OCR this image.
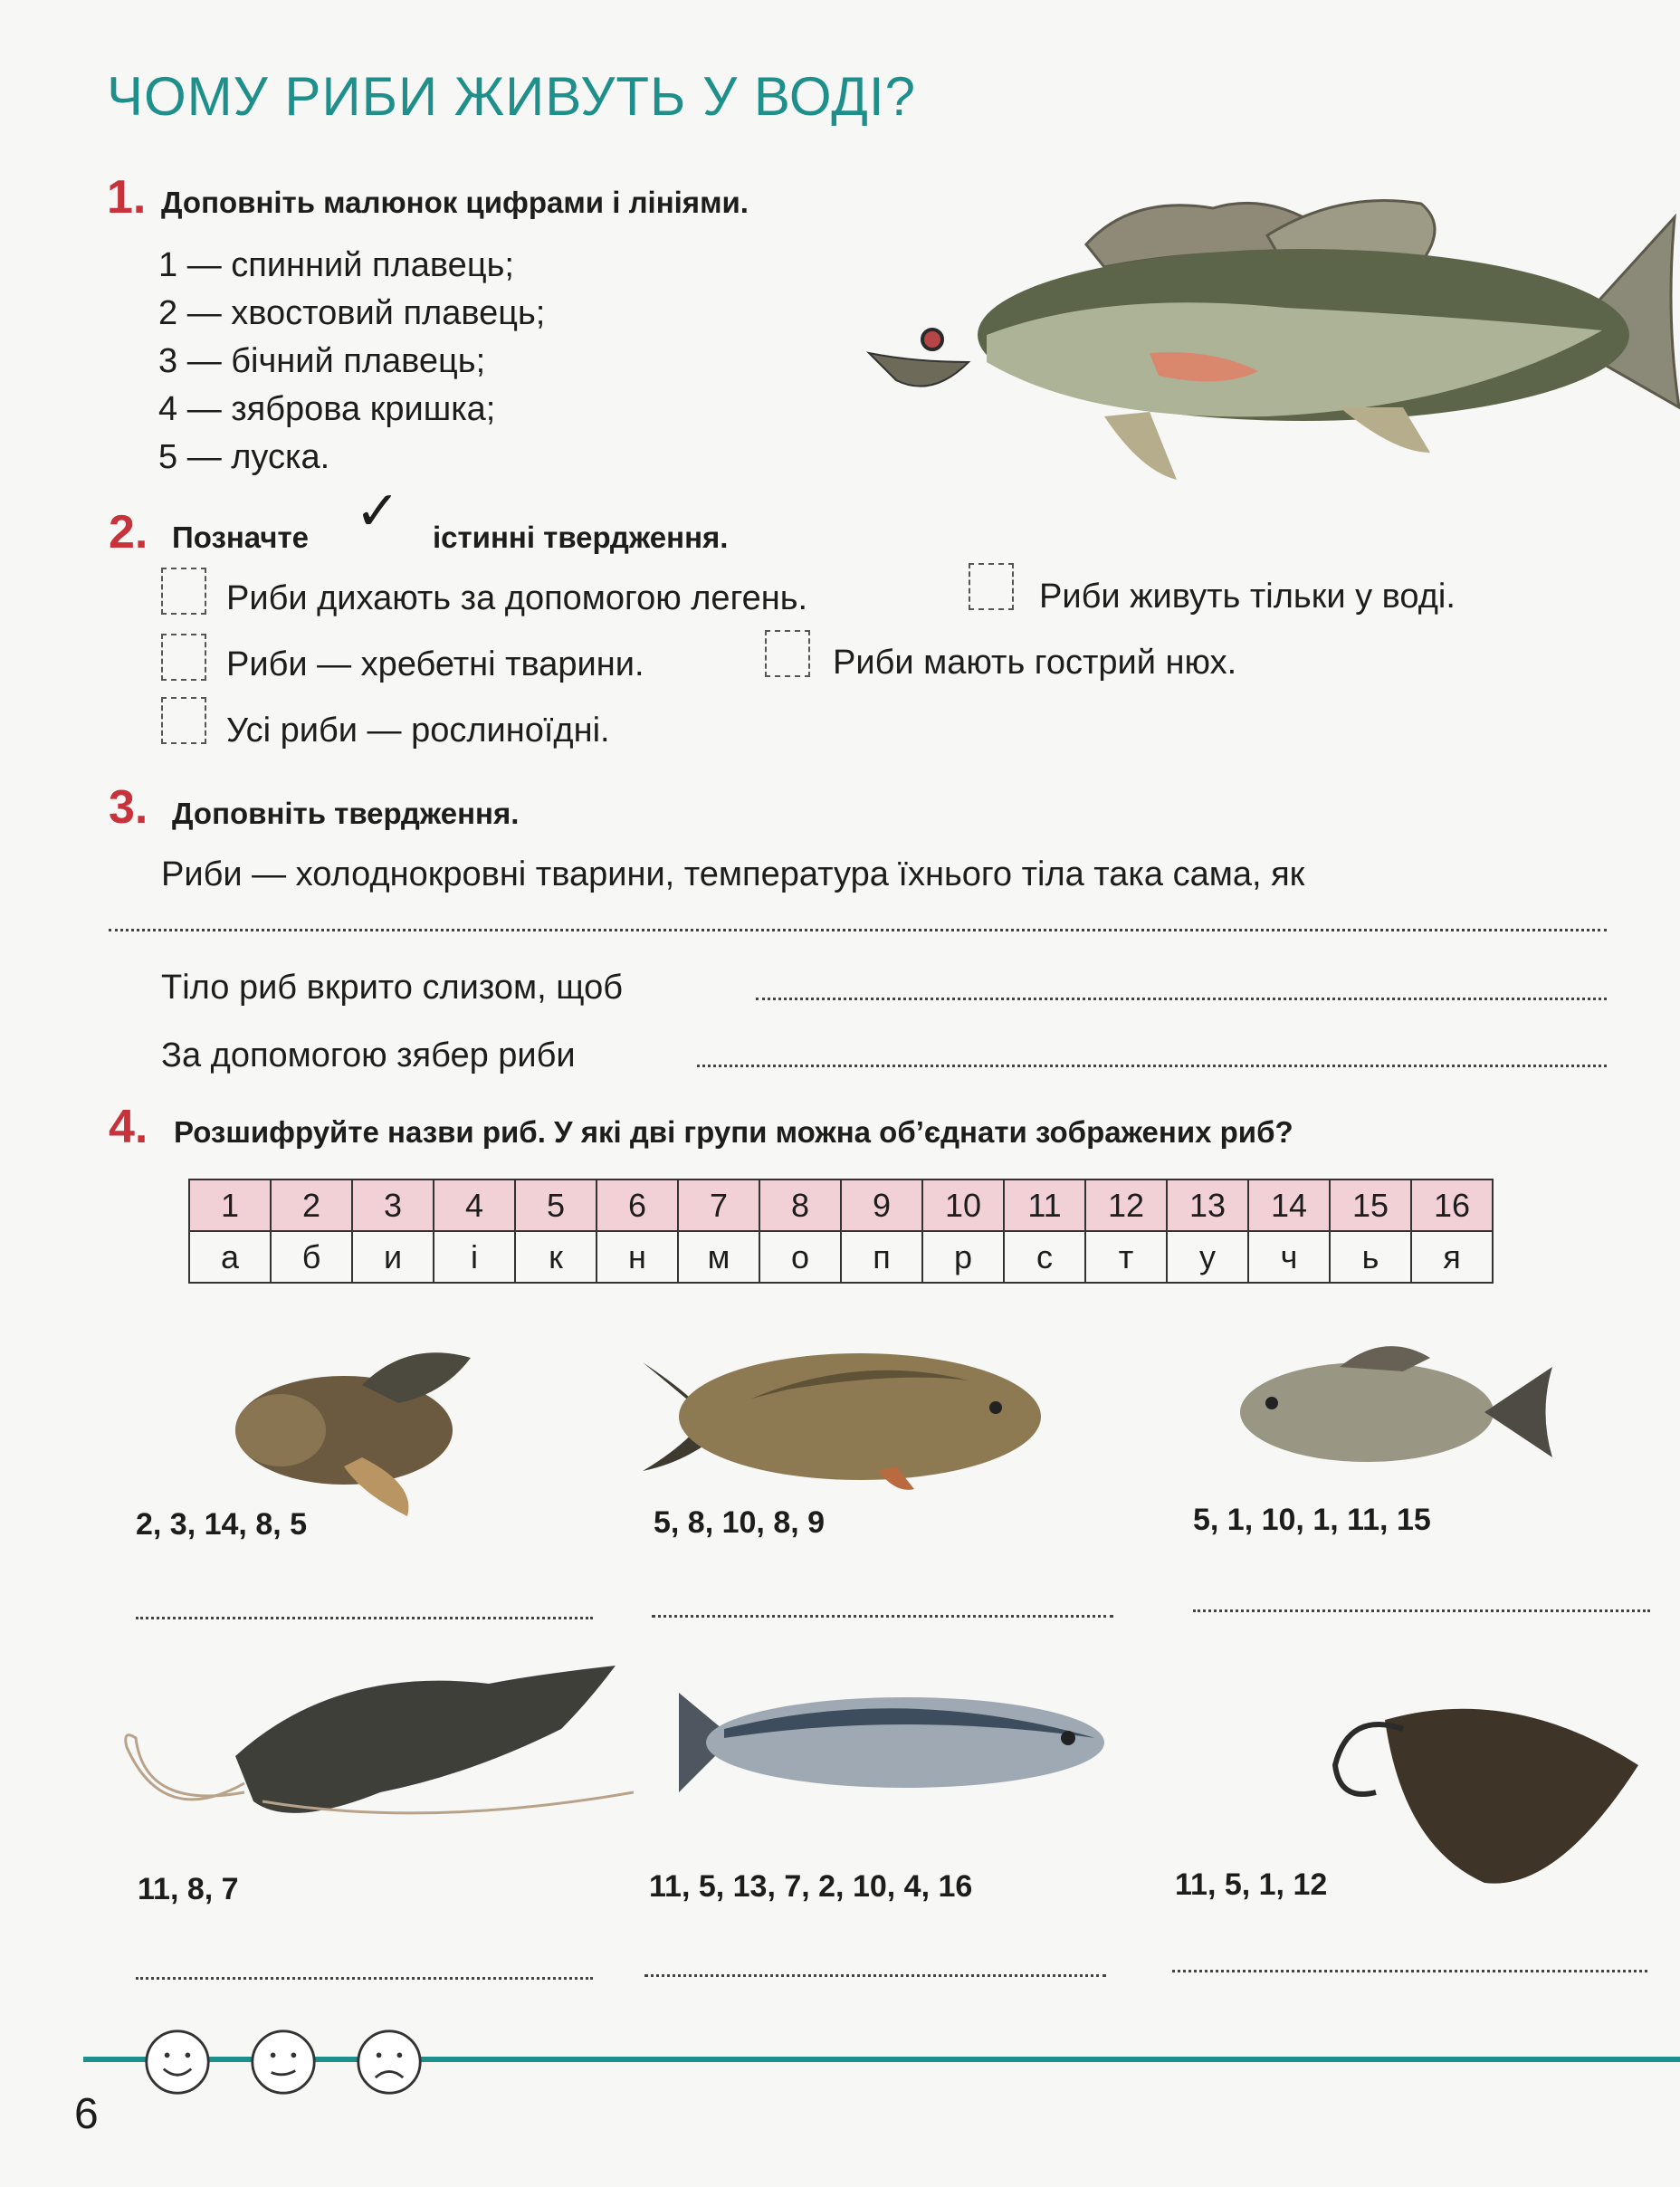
ЧОМУ РИБИ ЖИВУТЬ У ВОДІ?
1. Доповніть малюнок цифрами і лініями.
1 — спинний плавець;
2 — хвостовий плавець;
3 — бічний плавець;
4 — зяброва кришка;
5 — луска.
2. Позначте ✓ істинні твердження.
Риби дихають за допомогою легень.	Риби живуть тільки у воді.
Риби — хребетні тварини.	Риби мають гострий нюх.
Усі риби — рослиноїдні.
3. Доповніть твердження.
Риби — холоднокровні тварини, температура їхнього тіла така сама, як
Тіло риб вкрито слизом, щоб
За допомогою зябер риби
4. Розшифруйте назви риб. У які дві групи можна об’єднати зображених риб?
1	2	3	4	5	6	7	8	9	10	11	12	13	14	15	16
а	б	и	і	к	н	м	о	п	р	с	т	у	ч	ь	я
2, 3, 14, 8, 5	5, 8, 10, 8, 9	5, 1, 10, 1, 11, 15
11, 8, 7	11, 5, 13, 7, 2, 10, 4, 16	11, 5, 1, 12
6
